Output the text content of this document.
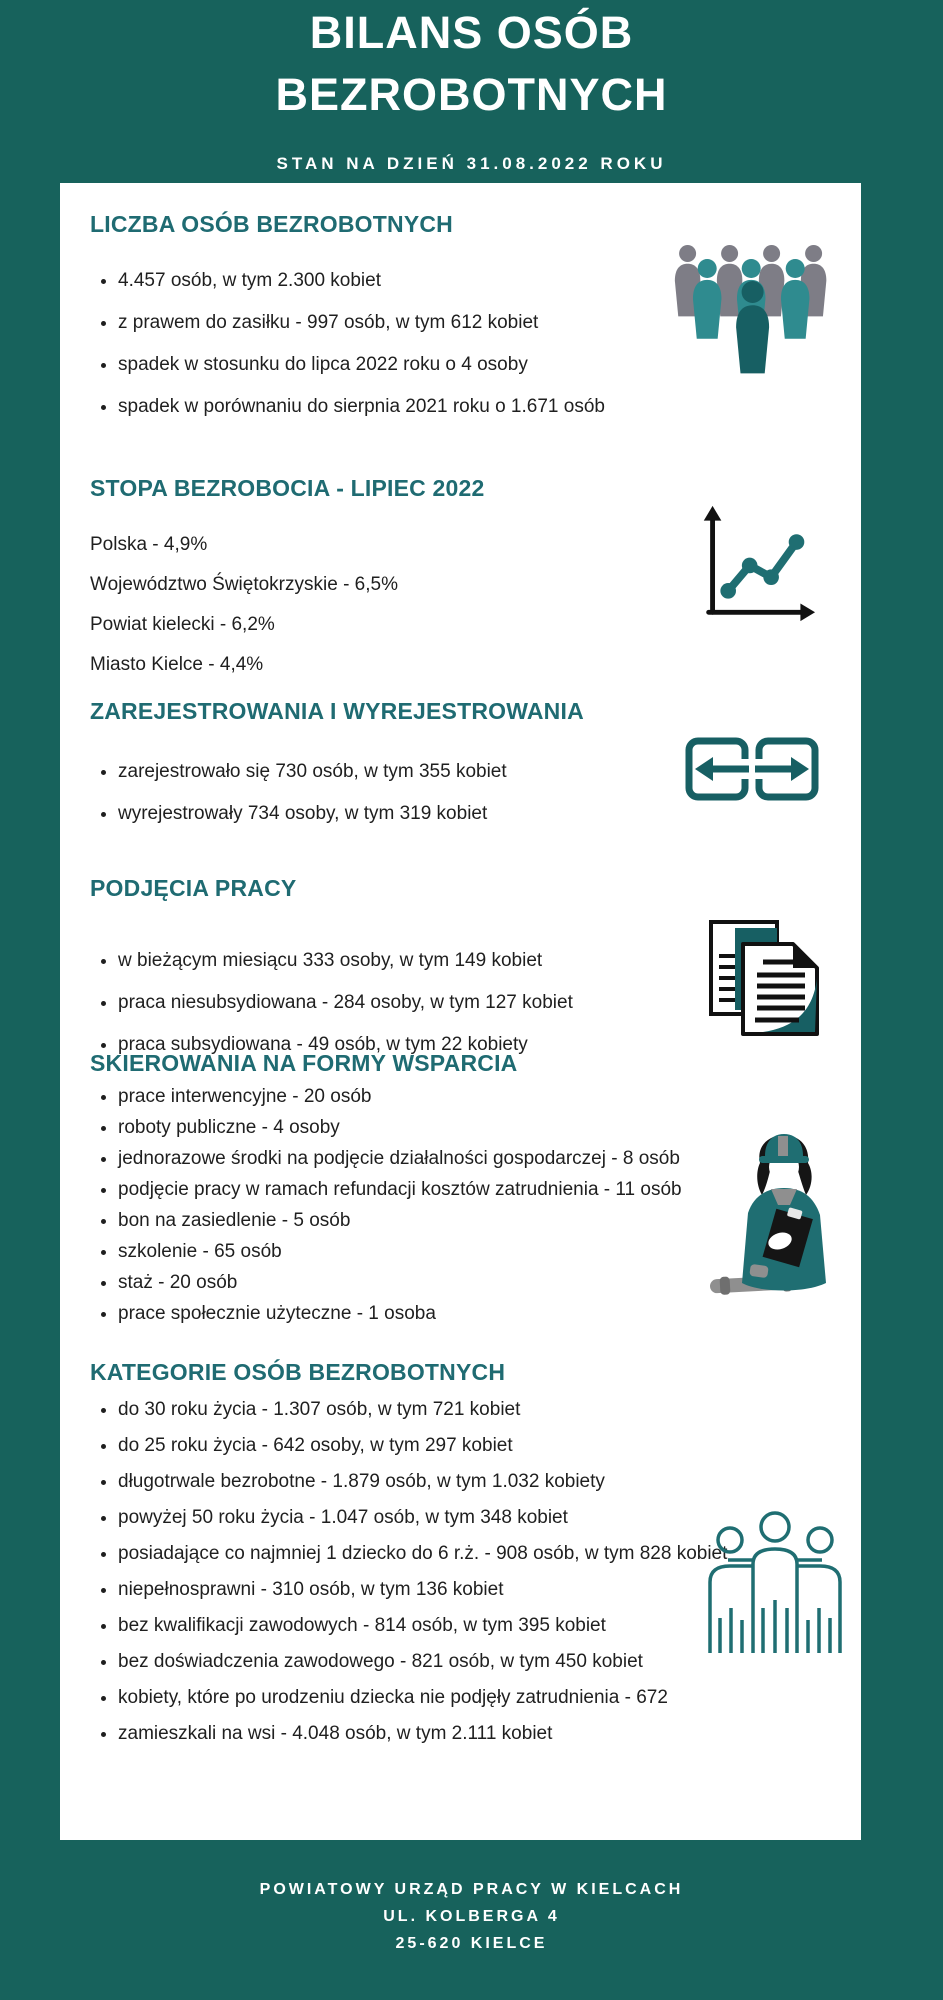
BILANS OSÓB BEZROBOTNYCH
STAN NA DZIEŃ 31.08.2022 ROKU
LICZBA OSÓB BEZROBOTNYCH
• 4.457 osób, w tym 2.300 kobiet
• z prawem do zasiłku - 997 osób, w tym 612 kobiet
• spadek w stosunku do lipca 2022 roku o 4 osoby
• spadek w porównaniu do sierpnia 2021 roku o 1.671 osób
STOPA BEZROBOCIA - LIPIEC 2022
Polska - 4,9%
Województwo Świętokrzyskie - 6,5%
Powiat kielecki - 6,2%
Miasto Kielce - 4,4%
ZAREJESTROWANIA I WYREJESTROWANIA
• zarejestrowało się 730 osób, w tym 355 kobiet
• wyrejestrowały 734 osoby, w tym 319 kobiet
PODJĘCIA PRACY
• w bieżącym miesiącu 333 osoby, w tym 149 kobiet
• praca niesubsydiowana - 284 osoby, w tym 127 kobiet
• praca subsydiowana - 49 osób, w tym 22 kobiety
SKIEROWANIA NA FORMY WSPARCIA
• prace interwencyjne - 20 osób
• roboty publiczne - 4 osoby
• jednorazowe środki na podjęcie działalności gospodarczej - 8 osób
• podjęcie pracy w ramach refundacji kosztów zatrudnienia - 11 osób
• bon na zasiedlenie - 5 osób
• szkolenie - 65 osób
• staż - 20 osób
• prace społecznie użyteczne - 1 osoba
KATEGORIE OSÓB BEZROBOTNYCH
• do 30 roku życia - 1.307 osób, w tym 721 kobiet
• do 25 roku życia - 642 osoby, w tym 297 kobiet
• długotrwale bezrobotne - 1.879 osób, w tym 1.032 kobiety
• powyżej 50 roku życia - 1.047 osób, w tym 348 kobiet
• posiadające co najmniej 1 dziecko do 6 r.ż. - 908 osób, w tym 828 kobiet
• niepełnosprawni - 310 osób, w tym 136 kobiet
• bez kwalifikacji zawodowych - 814 osób, w tym 395 kobiet
• bez doświadczenia zawodowego - 821 osób, w tym 450 kobiet
• kobiety, które po urodzeniu dziecka nie podjęły zatrudnienia - 672
• zamieszkali na wsi - 4.048 osób, w tym 2.111 kobiet
POWIATOWY URZĄD PRACY W KIELCACH
UL. KOLBERGA 4
25-620 KIELCE
